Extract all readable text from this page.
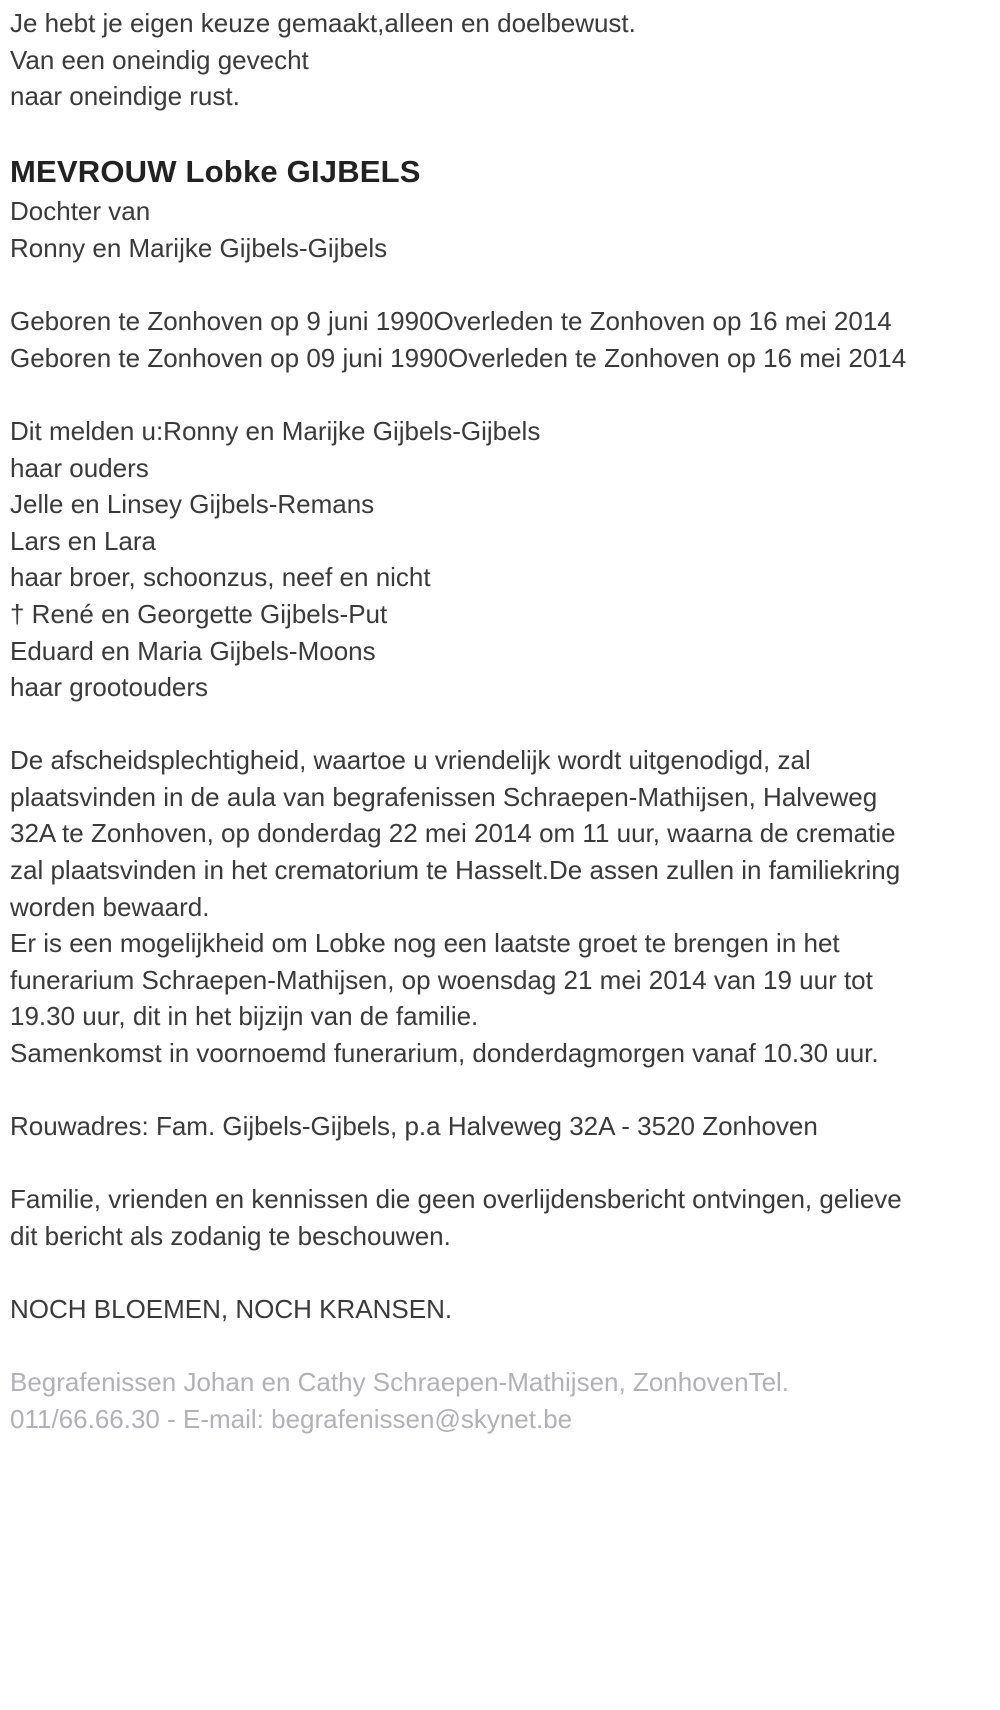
Je hebt je eigen keuze gemaakt,alleen en doelbewust.
Van een oneindig gevecht
naar oneindige rust.
MEVROUW Lobke GIJBELS
Dochter van
Ronny en Marijke Gijbels-Gijbels
Geboren te Zonhoven op 9 juni 1990Overleden te Zonhoven op 16 mei 2014
Geboren te Zonhoven op 09 juni 1990Overleden te Zonhoven op 16 mei 2014
Dit melden u:Ronny en Marijke Gijbels-Gijbels
haar ouders
Jelle en Linsey Gijbels-Remans
Lars en Lara
haar broer, schoonzus, neef en nicht
† René en Georgette Gijbels-Put
Eduard en Maria Gijbels-Moons
haar grootouders
De afscheidsplechtigheid, waartoe u vriendelijk wordt uitgenodigd, zal plaatsvinden in de aula van begrafenissen Schraepen-Mathijsen, Halveweg 32A te Zonhoven, op donderdag 22 mei 2014 om 11 uur, waarna de crematie zal plaatsvinden in het crematorium te Hasselt.De assen zullen in familiekring worden bewaard.
Er is een mogelijkheid om Lobke nog een laatste groet te brengen in het funerarium Schraepen-Mathijsen, op woensdag 21 mei 2014 van 19 uur tot 19.30 uur, dit in het bijzijn van de familie.
Samenkomst in voornoemd funerarium, donderdagmorgen vanaf 10.30 uur.
Rouwadres: Fam. Gijbels-Gijbels, p.a Halveweg 32A - 3520 Zonhoven
Familie, vrienden en kennissen die geen overlijdensbericht ontvingen, gelieve dit bericht als zodanig te beschouwen.
NOCH BLOEMEN, NOCH KRANSEN.
Begrafenissen Johan en Cathy Schraepen-Mathijsen, ZonhovenTel. 011/66.66.30 - E-mail: begrafenissen@skynet.be
